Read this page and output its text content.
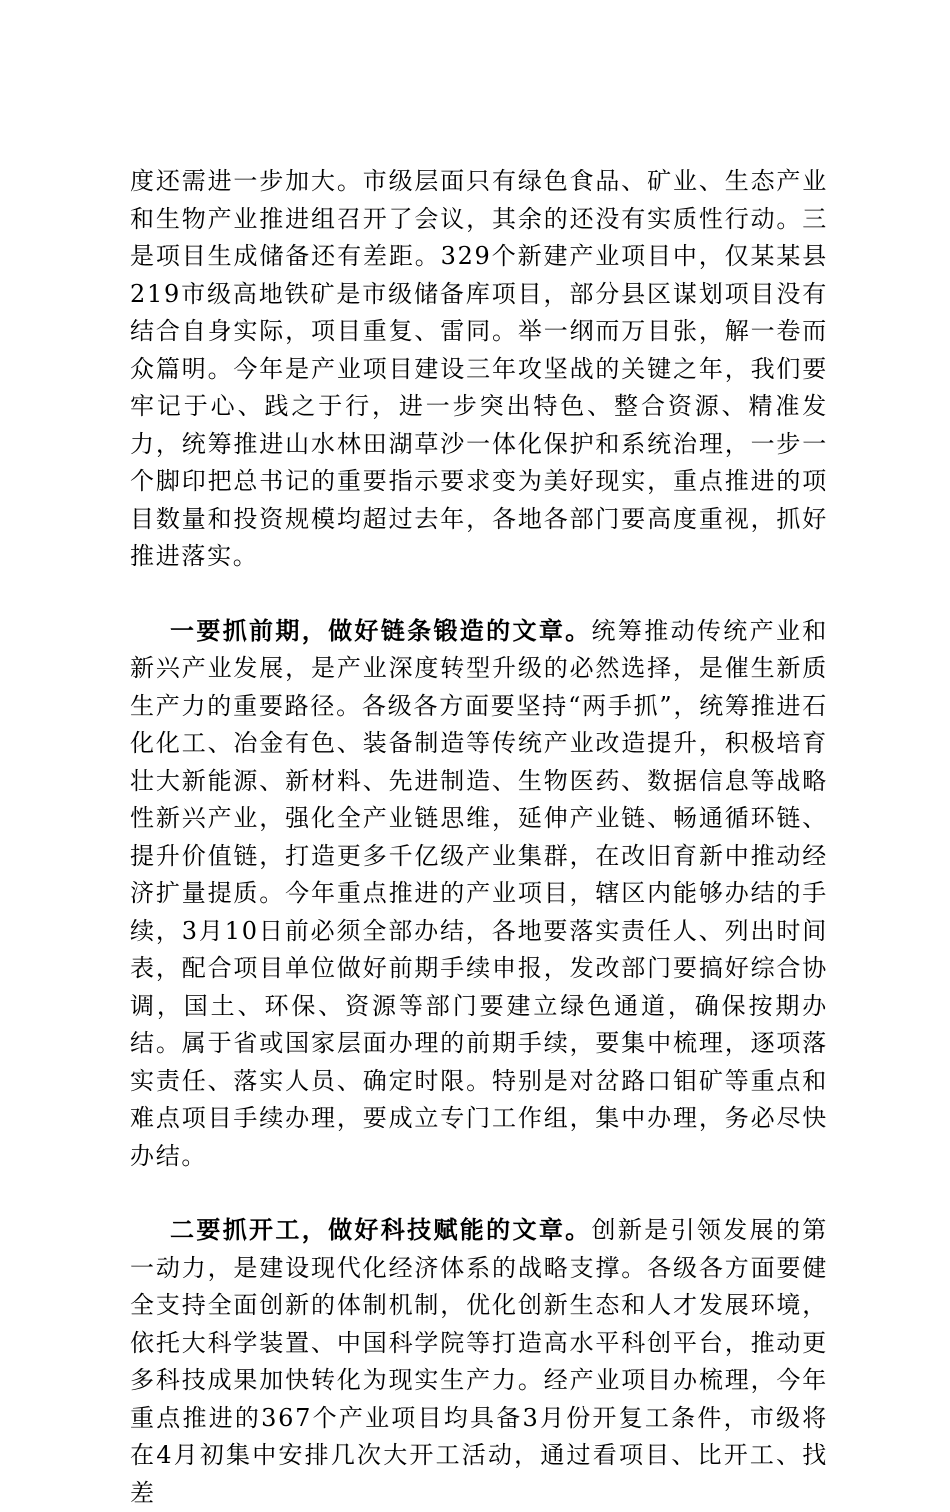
度还需进一步加大。市级层面只有绿色食品、矿业、生态产业和生物产业推进组召开了会议，其余的还没有实质性行动。三是项目生成储备还有差距。329个新建产业项目中，仅某某县219市级高地铁矿是市级储备库项目，部分县区谋划项目没有结合自身实际，项目重复、雷同。举一纲而万目张，解一卷而众篇明。今年是产业项目建设三年攻坚战的关键之年，我们要牢记于心、践之于行，进一步突出特色、整合资源、精准发力，统筹推进山水林田湖草沙一体化保护和系统治理，一步一个脚印把总书记的重要指示要求变为美好现实，重点推进的项目数量和投资规模均超过去年，各地各部门要高度重视，抓好推进落实。

一要抓前期，做好链条锻造的文章。统筹推动传统产业和新兴产业发展，是产业深度转型升级的必然选择，是催生新质生产力的重要路径。各级各方面要坚持“两手抓”，统筹推进石化化工、冶金有色、装备制造等传统产业改造提升，积极培育壮大新能源、新材料、先进制造、生物医药、数据信息等战略性新兴产业，强化全产业链思维，延伸产业链、畅通循环链、提升价值链，打造更多千亿级产业集群，在改旧育新中推动经济扩量提质。今年重点推进的产业项目，辖区内能够办结的手续，3月10日前必须全部办结，各地要落实责任人、列出时间表，配合项目单位做好前期手续申报，发改部门要搞好综合协调，国土、环保、资源等部门要建立绿色通道，确保按期办结。属于省或国家层面办理的前期手续，要集中梳理，逐项落实责任、落实人员、确定时限。特别是对岔路口钼矿等重点和难点项目手续办理，要成立专门工作组，集中办理，务必尽快办结。

二要抓开工，做好科技赋能的文章。创新是引领发展的第一动力，是建设现代化经济体系的战略支撑。各级各方面要健全支持全面创新的体制机制，优化创新生态和人才发展环境，依托大科学装置、中国科学院等打造高水平科创平台，推动更多科技成果加快转化为现实生产力。经产业项目办梳理，今年重点推进的367个产业项目均具备3月份开复工条件，市级将在4月初集中安排几次大开工活动，通过看项目、比开工、找差
